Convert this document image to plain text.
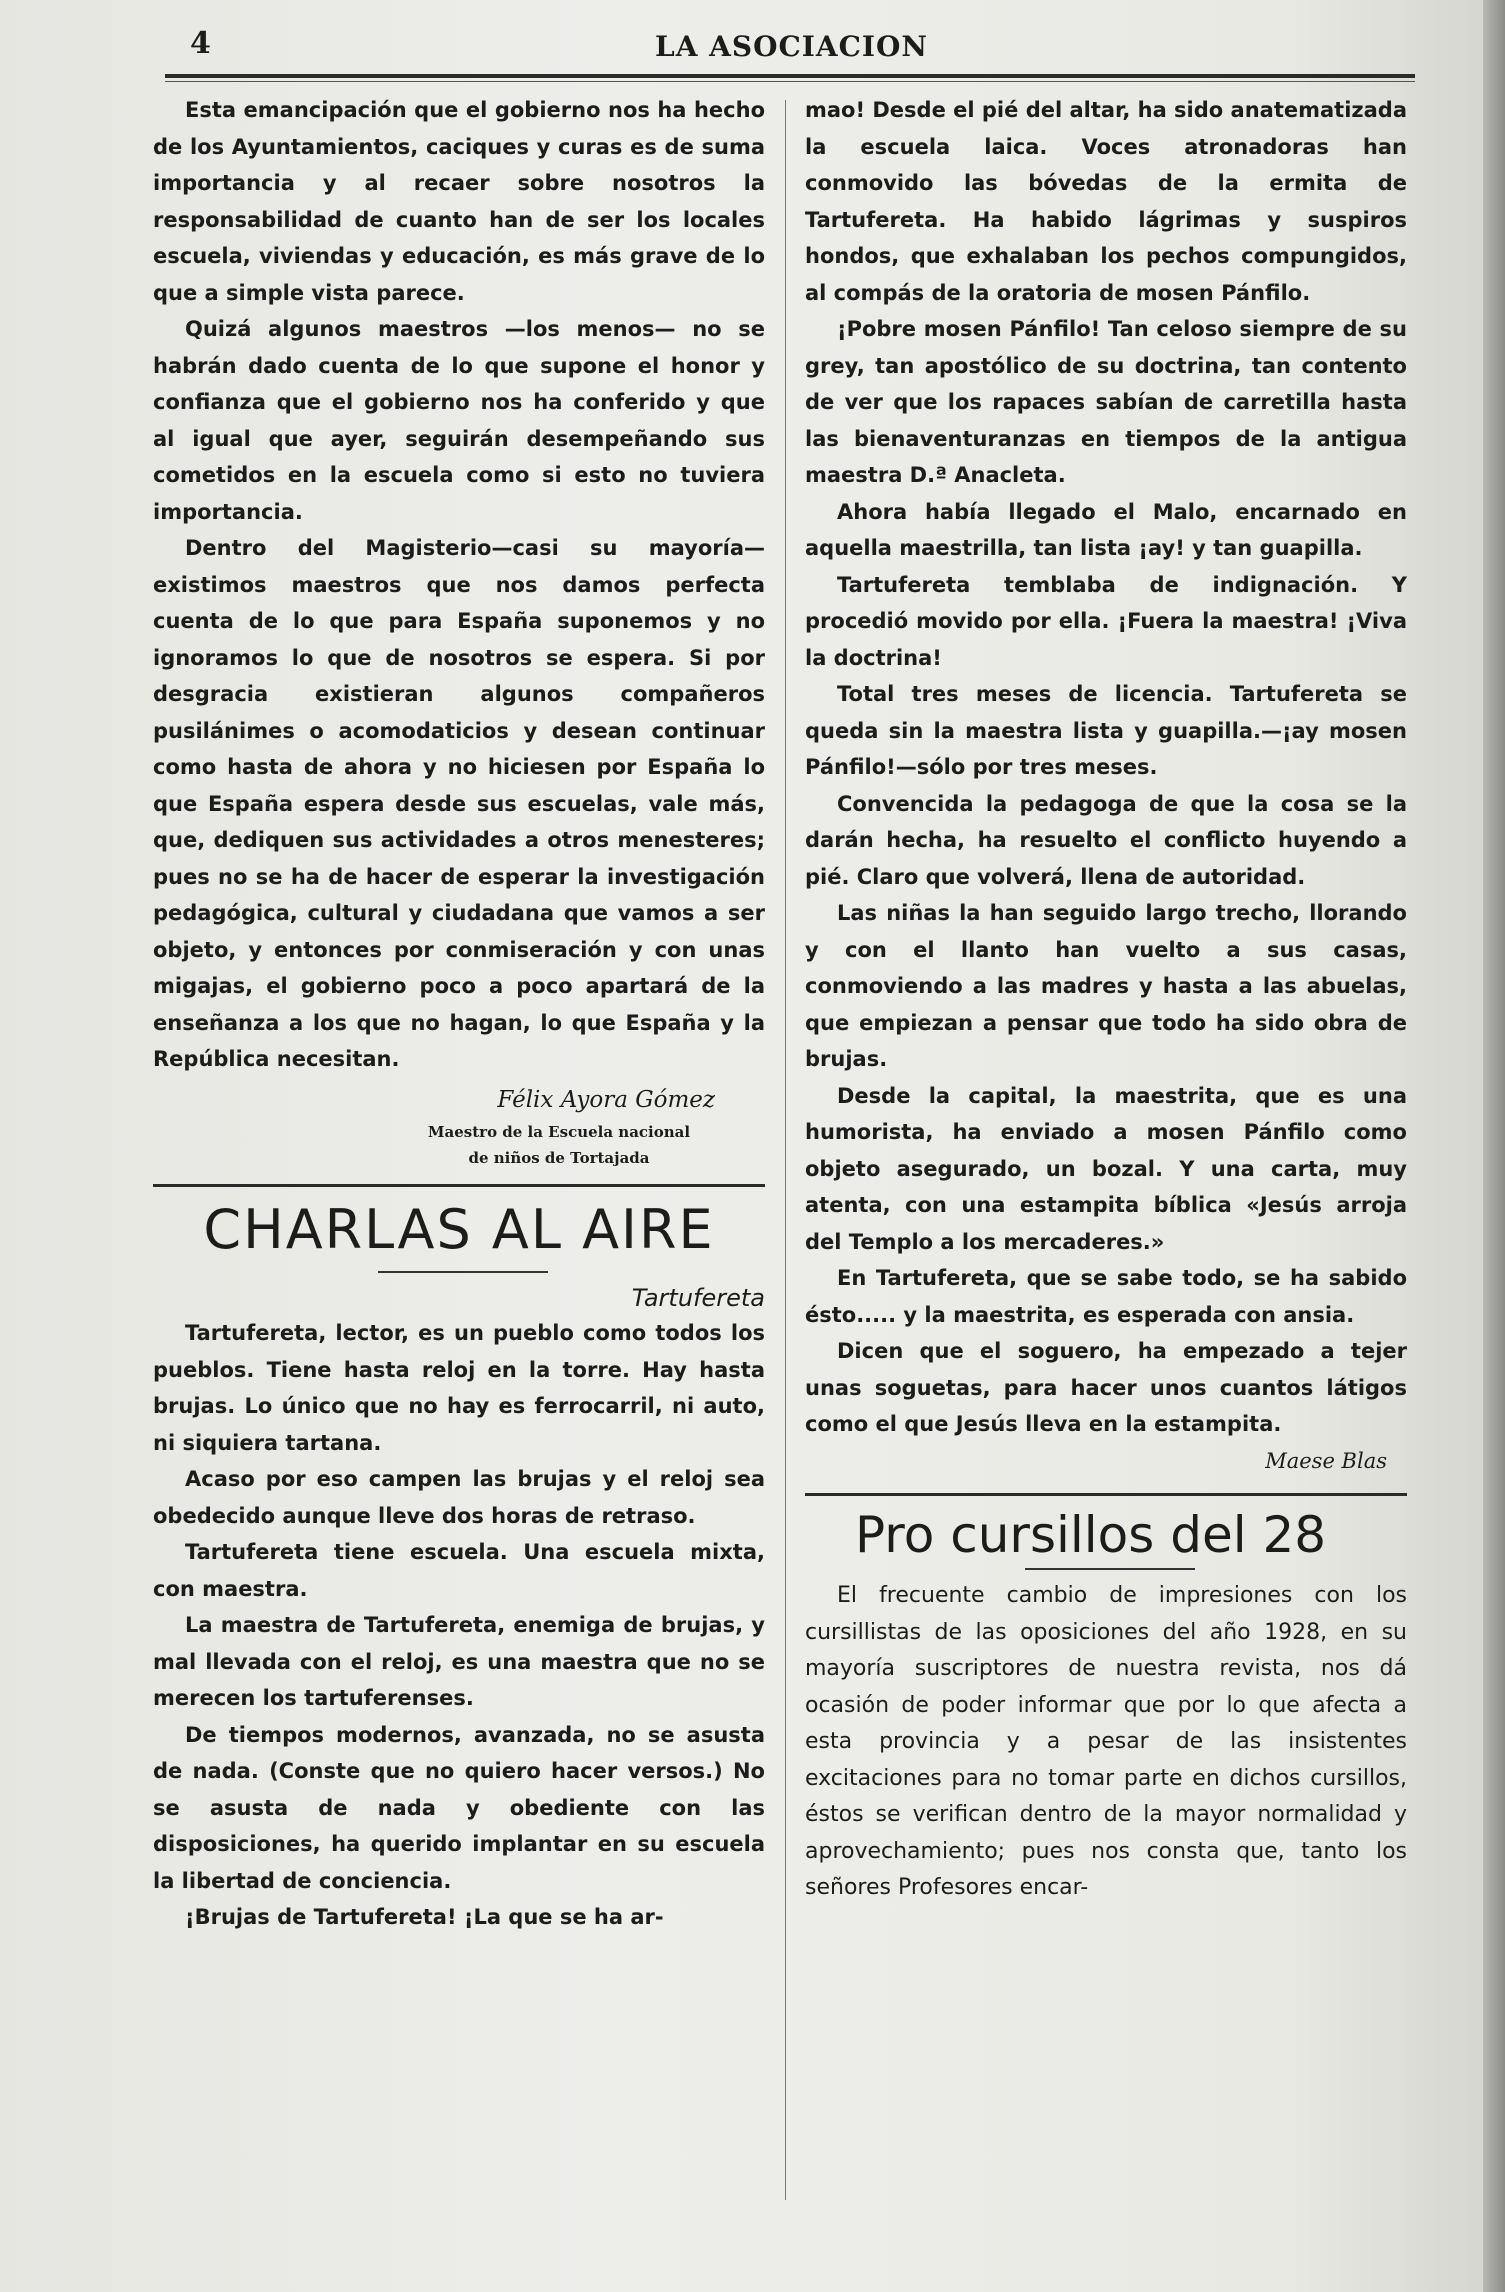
4	LA ASOCIACION

Esta emancipación que el gobierno nos ha hecho de los Ayuntamientos, caciques y curas es de suma importancia y al recaer sobre nosotros la responsabilidad de cuanto han de ser los locales escuela, viviendas y educación, es más grave de lo que a simple vista parece.

Quizá algunos maestros —los menos— no se habrán dado cuenta de lo que supone el honor y confianza que el gobierno nos ha conferido y que al igual que ayer, seguirán desempeñando sus cometidos en la escuela como si esto no tuviera importancia.

Dentro del Magisterio—casi su mayoría—existimos maestros que nos damos perfecta cuenta de lo que para España suponemos y no ignoramos lo que de nosotros se espera. Si por desgracia existieran algunos compañeros pusilánimes o acomodaticios y desean continuar como hasta de ahora y no hiciesen por España lo que España espera desde sus escuelas, vale más, que, dediquen sus actividades a otros menesteres; pues no se ha de hacer de esperar la investigación pedagógica, cultural y ciudadana que vamos a ser objeto, y entonces por conmiseración y con unas migajas, el gobierno poco a poco apartará de la enseñanza a los que no hagan, lo que España y la República necesitan.

Félix Ayora Gómez
Maestro de la Escuela nacional
de niños de Tortajada
CHARLAS AL AIRE
Tartufereta

Tartufereta, lector, es un pueblo como todos los pueblos. Tiene hasta reloj en la torre. Hay hasta brujas. Lo único que no hay es ferrocarril, ni auto, ni siquiera tartana.

Acaso por eso campen las brujas y el reloj sea obedecido aunque lleve dos horas de retraso.

Tartufereta tiene escuela. Una escuela mixta, con maestra.

La maestra de Tartufereta, enemiga de brujas, y mal llevada con el reloj, es una maestra que no se merecen los tartuferenses.

De tiempos modernos, avanzada, no se asusta de nada. (Conste que no quiero hacer versos.) No se asusta de nada y obediente con las disposiciones, ha querido implantar en su escuela la libertad de conciencia.

¡Brujas de Tartufereta! ¡La que se ha ar-

mao! Desde el pié del altar, ha sido anatematizada la escuela laica. Voces atronadoras han conmovido las bóvedas de la ermita de Tartufereta. Ha habido lágrimas y suspiros hondos, que exhalaban los pechos compungidos, al compás de la oratoria de mosen Pánfilo.

¡Pobre mosen Pánfilo! Tan celoso siempre de su grey, tan apostólico de su doctrina, tan contento de ver que los rapaces sabían de carretilla hasta las bienaventuranzas en tiempos de la antigua maestra D.ª Anacleta.

Ahora había llegado el Malo, encarnado en aquella maestrilla, tan lista ¡ay! y tan guapilla.

Tartufereta temblaba de indignación. Y procedió movido por ella. ¡Fuera la maestra! ¡Viva la doctrina!

Total tres meses de licencia. Tartufereta se queda sin la maestra lista y guapilla.—¡ay mosen Pánfilo!—sólo por tres meses.

Convencida la pedagoga de que la cosa se la darán hecha, ha resuelto el conflicto huyendo a pié. Claro que volverá, llena de autoridad.

Las niñas la han seguido largo trecho, llorando y con el llanto han vuelto a sus casas, conmoviendo a las madres y hasta a las abuelas, que empiezan a pensar que todo ha sido obra de brujas.

Desde la capital, la maestrita, que es una humorista, ha enviado a mosen Pánfilo como objeto asegurado, un bozal. Y una carta, muy atenta, con una estampita bíblica «Jesús arroja del Templo a los mercaderes.»

En Tartufereta, que se sabe todo, se ha sabido ésto..... y la maestrita, es esperada con ansia.

Dicen que el soguero, ha empezado a tejer unas soguetas, para hacer unos cuantos látigos como el que Jesús lleva en la estampita.

Maese Blas
Pro cursillos del 28

El frecuente cambio de impresiones con los cursillistas de las oposiciones del año 1928, en su mayoría suscriptores de nuestra revista, nos dá ocasión de poder informar que por lo que afecta a esta provincia y a pesar de las insistentes excitaciones para no tomar parte en dichos cursillos, éstos se verifican dentro de la mayor normalidad y aprovechamiento; pues nos consta que, tanto los señores Profesores encar-
